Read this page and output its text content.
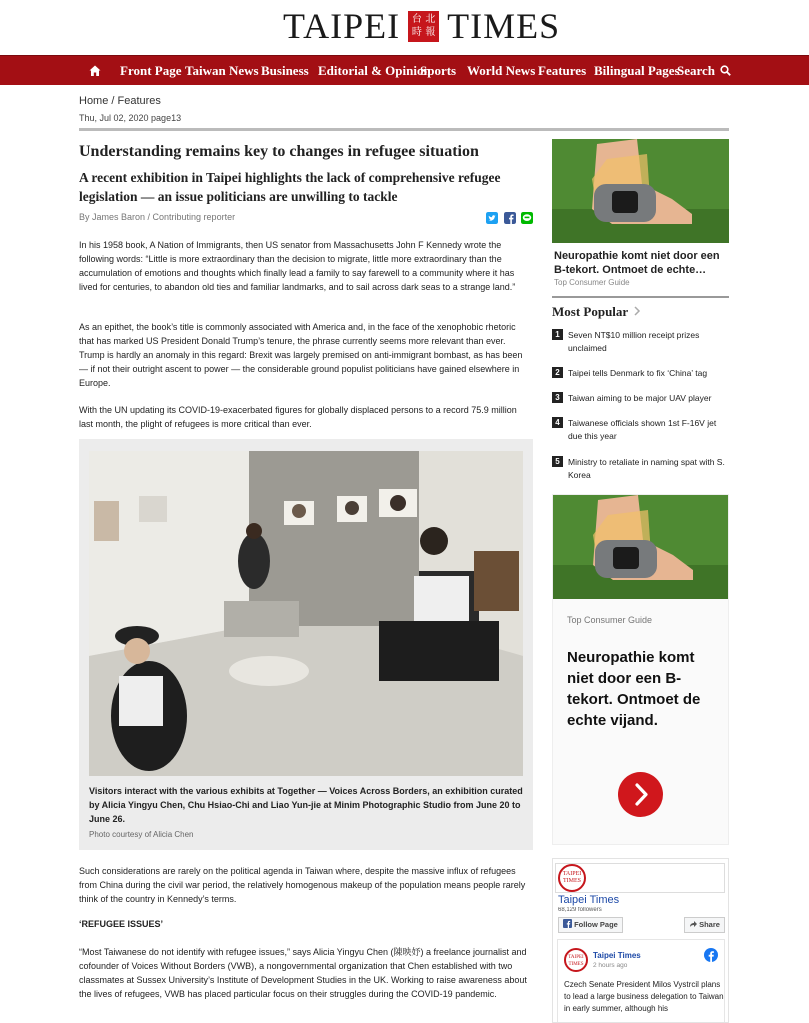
TAIPEI 台 北
時 報 TIMES
Front Page Taiwan News Business Editorial & Opinion
Sports World News Features Bilingual Pages
Search
Home / Features
Thu, Jul 02, 2020 page13
Understanding remains key to changes in refugee situation
A recent exhibition in Taipei highlights the lack of comprehensive refugee legislation — an issue politicians are unwilling to tackle
By James Baron / Contributing reporter

In his 1958 book, A Nation of Immigrants, then US senator from Massachusetts John F Kennedy wrote the following words: “Little is more extraordinary than the decision to migrate, little more extraordinary than the accumulation of emotions and thoughts which finally lead a family to say farewell to a community where it has lived for centuries, to abandon old ties and familiar landmarks, and to sail across dark seas to a strange land.”

As an epithet, the book’s title is commonly associated with America and, in the face of the xenophobic rhetoric that has marked US President Donald Trump’s tenure, the phrase currently seems more relevant than ever. Trump is hardly an anomaly in this regard: Brexit was largely premised on anti-immigrant bombast, as has been — if not their outright ascent to power — the considerable ground populist politicians have gained elsewhere in Europe.

With the UN updating its COVID-19-exacerbated figures for globally displaced persons to a record 75.9 million last month, the plight of refugees is more critical than ever.

Visitors interact with the various exhibits at Together — Voices Across Borders, an exhibition curated by Alicia Yingyu Chen, Chu Hsiao-Chi and Liao Yun-jie at Minim Photographic Studio from June 20 to June 26.
Photo courtesy of Alicia Chen

Such considerations are rarely on the political agenda in Taiwan where, despite the massive influx of refugees from China during the civil war period, the relatively homogenous makeup of the population means people rarely think of the country in Kennedy’s terms.

‘REFUGEE ISSUES’

“Most Taiwanese do not identify with refugee issues,” says Alicia Yingyu Chen (陳映妤) a freelance journalist and cofounder of Voices Without Borders (VWB), a nongovernmental organization that Chen established with two classmates at Sussex University’s Institute of Development Studies in the UK. Working to raise awareness about the lives of refugees, VWB has placed particular focus on their struggles during the COVID-19 pandemic.

Neuropathie komt niet door een B-tekort. Ontmoet de echte…
Top Consumer Guide
Most Popular
1 Seven NT$10 million receipt prizes unclaimed
2 Taipei tells Denmark to fix ‘China’ tag
3 Taiwan aiming to be major UAV player
4 Taiwanese officials shown 1st F-16V jet due this year
5 Ministry to retaliate in naming spat with S. Korea
Top Consumer Guide
Neuropathie komt niet door een B-tekort. Ontmoet de echte vijand.
TAIPEI TIMES
Taipei Times
68,129 followers
Follow Page	Share
TAIPEI TIMES
Taipei Times
2 hours ago
Czech Senate President Milos Vystrcil plans to lead a large business delegation to Taiwan in early summer, although his
